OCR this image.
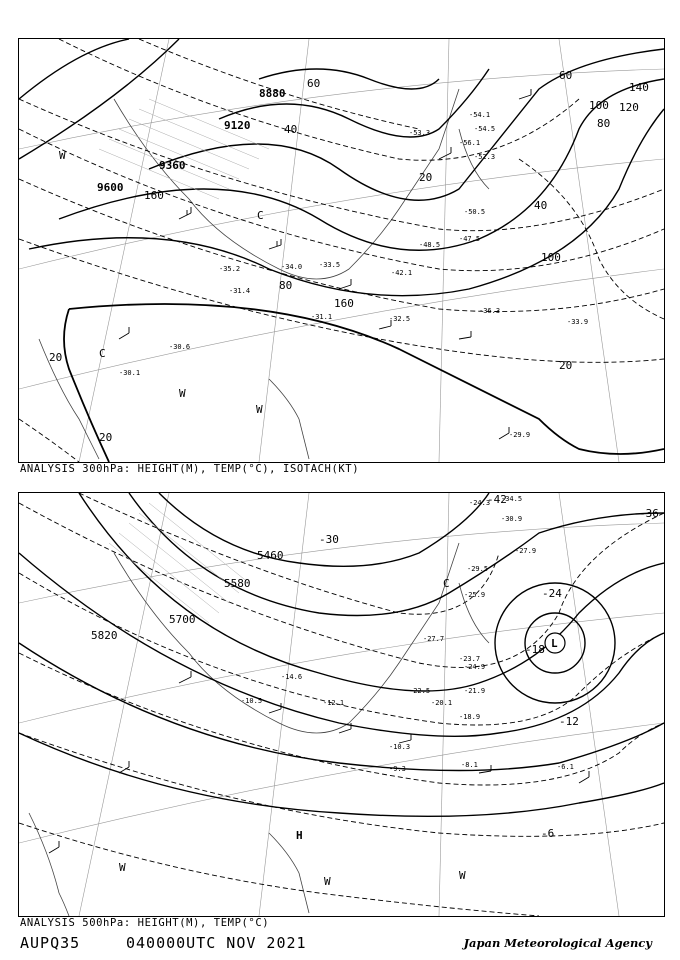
8880
9120
9360
9600
20
20
20
40
40
60
60
80
80
100
100 120
140
160
160
20
-35.2	-33.5
-31.4
-31.1
-34.0
-36.3
-32.5
-48.5
-47.5
-52.3
-54.1
-54.5
-56.1
-53.3
-42.1
-30.1
-29.9
-30.6
-33.9
-50.5
C
C
W
W
W
ANALYSIS 300hPa: HEIGHT(M), TEMP(°C), ISOTACH(KT)
5460
5580
5700
5820
-36
-30
-24
-18
-12
-6
-42
-24.3 -34.5
-30.9
-27.9
-29.5
-25.9
-27.7
-24.9
-21.9
-18.9
-10.3
-8.1	-6.1
-10.5
-14.6
-12.1	-20.1
-22.5
-23.7
-9.3
L
H
C
W
W	W
ANALYSIS 500hPa: HEIGHT(M), TEMP(°C)
AUPQ35	040000UTC NOV 2021	Japan Meteorological Agency
